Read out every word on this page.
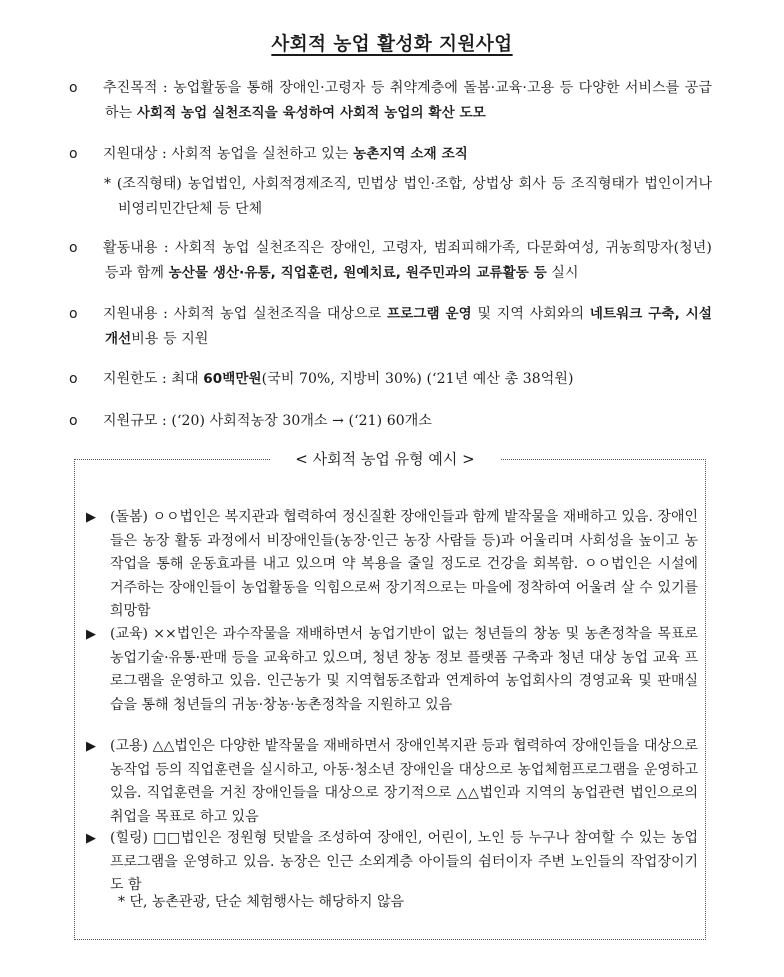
사회적 농업 활성화 지원사업
o 추진목적 : 농업활동을 통해 장애인·고령자 등 취약계층에 돌봄·교육·고용 등 다양한 서비스를 공급하는 사회적 농업 실천조직을 육성하여 사회적 농업의 확산 도모
o 지원대상 : 사회적 농업을 실천하고 있는 농촌지역 소재 조직
* (조직형태) 농업법인, 사회적경제조직, 민법상 법인·조합, 상법상 회사 등 조직형태가 법인이거나 비영리민간단체 등 단체
o 활동내용 : 사회적 농업 실천조직은 장애인, 고령자, 범죄피해가족, 다문화여성, 귀농희망자(청년) 등과 함께 농산물 생산·유통, 직업훈련, 원예치료, 원주민과의 교류활동 등 실시
o 지원내용 : 사회적 농업 실천조직을 대상으로 프로그램 운영 및 지역 사회와의 네트워크 구축, 시설 개선비용 등 지원
o 지원한도 : 최대 60백만원(국비 70%, 지방비 30%) (‘21년 예산 총 38억원)
o 지원규모 : (‘20) 사회적농장 30개소 → (‘21) 60개소
< 사회적 농업 유형 예시 >
▶	(돌봄) ㅇㅇ법인은 복지관과 협력하여 정신질환 장애인들과 함께 밭작물을 재배하고 있음. 장애인들은 농장 활동 과정에서 비장애인들(농장·인근 농장 사람들 등)과 어울리며 사회성을 높이고 농작업을 통해 운동효과를 내고 있으며 약 복용을 줄일 정도로 건강을 회복함. ㅇㅇ법인은 시설에 거주하는 장애인들이 농업활동을 익힘으로써 장기적으로는 마을에 정착하여 어울려 살 수 있기를 희망함
▶	(교육) ××법인은 과수작물을 재배하면서 농업기반이 없는 청년들의 창농 및 농촌정착을 목표로 농업기술·유통·판매 등을 교육하고 있으며, 청년 창농 정보 플랫폼 구축과 청년 대상 농업 교육 프로그램을 운영하고 있음. 인근농가 및 지역협동조합과 연계하여 농업회사의 경영교육 및 판매실습을 통해 청년들의 귀농·창농·농촌정착을 지원하고 있음
▶	(고용) △△법인은 다양한 밭작물을 재배하면서 장애인복지관 등과 협력하여 장애인들을 대상으로 농작업 등의 직업훈련을 실시하고, 아동·청소년 장애인을 대상으로 농업체험프로그램을 운영하고 있음. 직업훈련을 거친 장애인들을 대상으로 장기적으로 △△법인과 지역의 농업관련 법인으로의 취업을 목표로 하고 있음
▶	(힐링) □□법인은 정원형 텃밭을 조성하여 장애인, 어린이, 노인 등 누구나 참여할 수 있는 농업프로그램을 운영하고 있음. 농장은 인근 소외계층 아이들의 쉼터이자 주변 노인들의 작업장이기도 함
* 단, 농촌관광, 단순 체험행사는 해당하지 않음
